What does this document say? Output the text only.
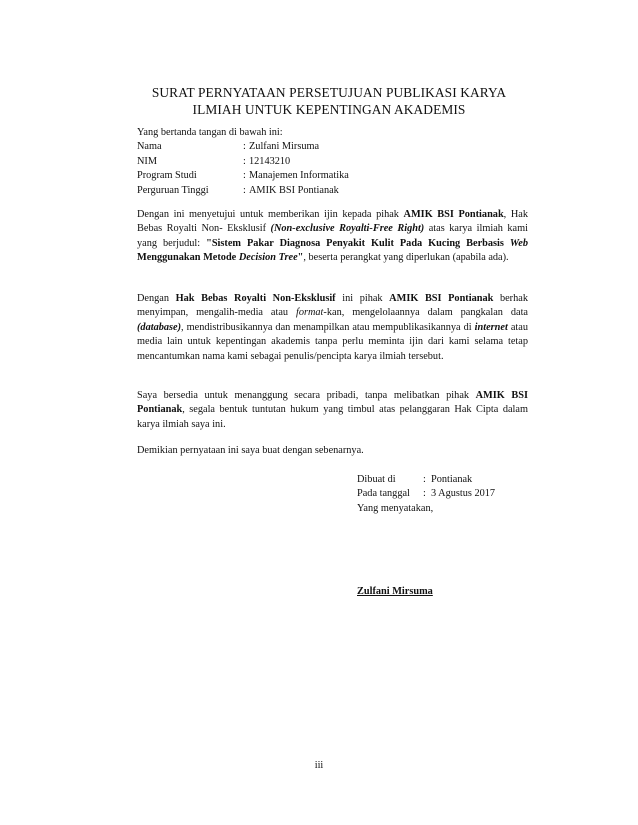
SURAT PERNYATAAN PERSETUJUAN PUBLIKASI KARYA
ILMIAH UNTUK KEPENTINGAN AKADEMIS
Yang bertanda tangan di bawah ini:
Nama	: Zulfani Mirsuma
NIM	: 12143210
Program Studi	: Manajemen Informatika
Perguruan Tinggi	: AMIK BSI Pontianak
Dengan ini menyetujui untuk memberikan ijin kepada pihak AMIK BSI Pontianak, Hak Bebas Royalti Non- Eksklusif (Non-exclusive Royalti-Free Right) atas karya ilmiah kami yang berjudul: "Sistem Pakar Diagnosa Penyakit Kulit Pada Kucing Berbasis Web Menggunakan Metode Decision Tree", beserta perangkat yang diperlukan (apabila ada).
Dengan Hak Bebas Royalti Non-Eksklusif ini pihak AMIK BSI Pontianak berhak menyimpan, mengalih-media atau format-kan, mengelolaannya dalam pangkalan data (database), mendistribusikannya dan menampilkan atau mempublikasikannya di internet atau media lain untuk kepentingan akademis tanpa perlu meminta ijin dari kami selama tetap mencantumkan nama kami sebagai penulis/pencipta karya ilmiah tersebut.
Saya bersedia untuk menanggung secara pribadi, tanpa melibatkan pihak AMIK BSI Pontianak, segala bentuk tuntutan hukum yang timbul atas pelanggaran Hak Cipta dalam karya ilmiah saya ini.
Demikian pernyataan ini saya buat dengan sebenarnya.
Dibuat di	: Pontianak
Pada tanggal	: 3 Agustus 2017
Yang menyatakan,
Zulfani Mirsuma
iii
